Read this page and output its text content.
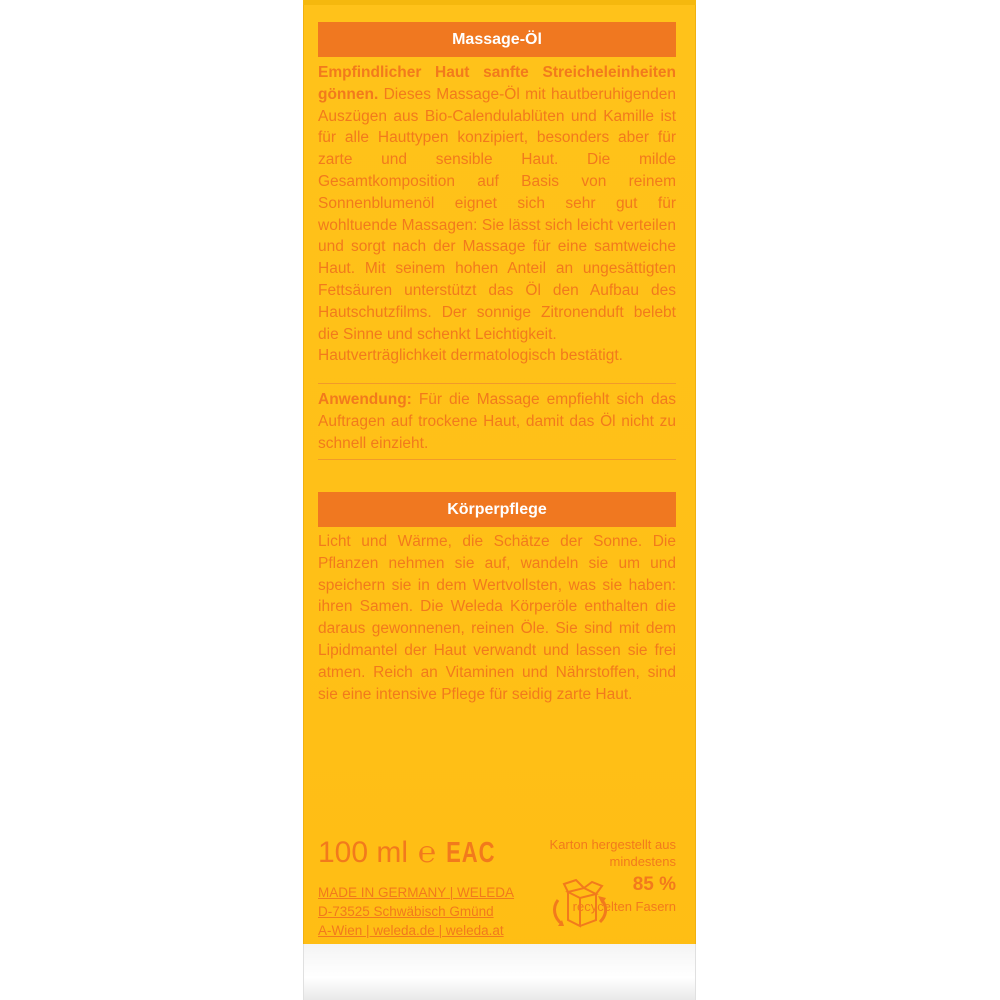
Massage-Öl
Empfindlicher Haut sanfte Streicheleinheiten gönnen. Dieses Massage-Öl mit hautberuhigenden Auszügen aus Bio-Calendulablüten und Kamille ist für alle Hauttypen konzipiert, besonders aber für zarte und sensible Haut. Die milde Gesamtkomposition auf Basis von reinem Sonnenblumenöl eignet sich sehr gut für wohltuende Massagen: Sie lässt sich leicht verteilen und sorgt nach der Massage für eine samtweiche Haut. Mit seinem hohen Anteil an ungesättigten Fettsäuren unterstützt das Öl den Aufbau des Hautschutzfilms. Der sonnige Zitronenduft belebt die Sinne und schenkt Leichtigkeit.
Hautverträglichkeit dermatologisch bestätigt.
Anwendung: Für die Massage empfiehlt sich das Auftragen auf trockene Haut, damit das Öl nicht zu schnell einzieht.
Körperpflege
Licht und Wärme, die Schätze der Sonne. Die Pflanzen nehmen sie auf, wandeln sie um und speichern sie in dem Wertvollsten, was sie haben: ihren Samen. Die Weleda Körperöle enthalten die daraus gewonnenen, reinen Öle. Sie sind mit dem Lipidmantel der Haut verwandt und lassen sie frei atmen. Reich an Vitaminen und Nährstoffen, sind sie eine intensive Pflege für seidig zarte Haut.
100 ml ℮ EAC
MADE IN GERMANY | WELEDA
D-73525 Schwäbisch Gmünd
A-Wien | weleda.de | weleda.at
Karton hergestellt aus mindestens
85 %
recycelten Fasern
